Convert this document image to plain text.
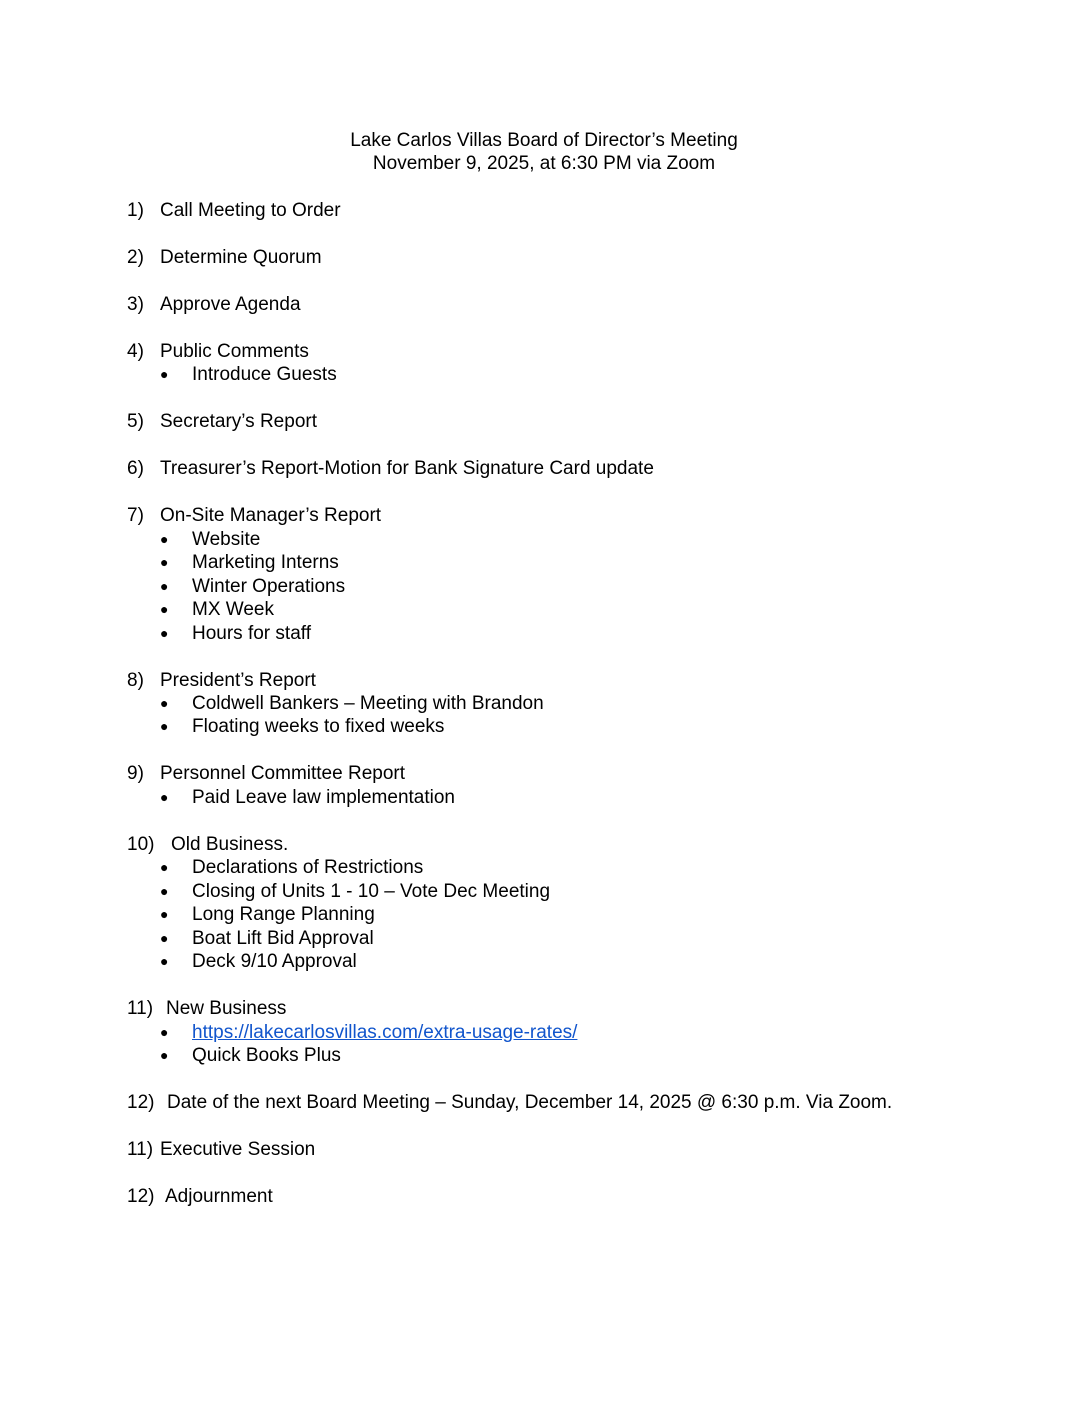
Lake Carlos Villas Board of Director’s Meeting
November 9, 2025, at 6:30 PM via Zoom
1) Call Meeting to Order
2) Determine Quorum
3) Approve Agenda
4) Public Comments
● Introduce Guests
5) Secretary’s Report
6) Treasurer’s Report-Motion for Bank Signature Card update
7) On-Site Manager’s Report
● Website
● Marketing Interns
● Winter Operations
● MX Week
● Hours for staff
8) President’s Report
● Coldwell Bankers – Meeting with Brandon
● Floating weeks to fixed weeks
9) Personnel Committee Report
● Paid Leave law implementation
10) Old Business.
● Declarations of Restrictions
● Closing of Units 1 - 10 – Vote Dec Meeting
● Long Range Planning
● Boat Lift Bid Approval
● Deck 9/10 Approval
11) New Business
● https://lakecarlosvillas.com/extra-usage-rates/
● Quick Books Plus
12) Date of the next Board Meeting – Sunday, December 14, 2025 @ 6:30 p.m. Via Zoom.
11) Executive Session
12) Adjournment
